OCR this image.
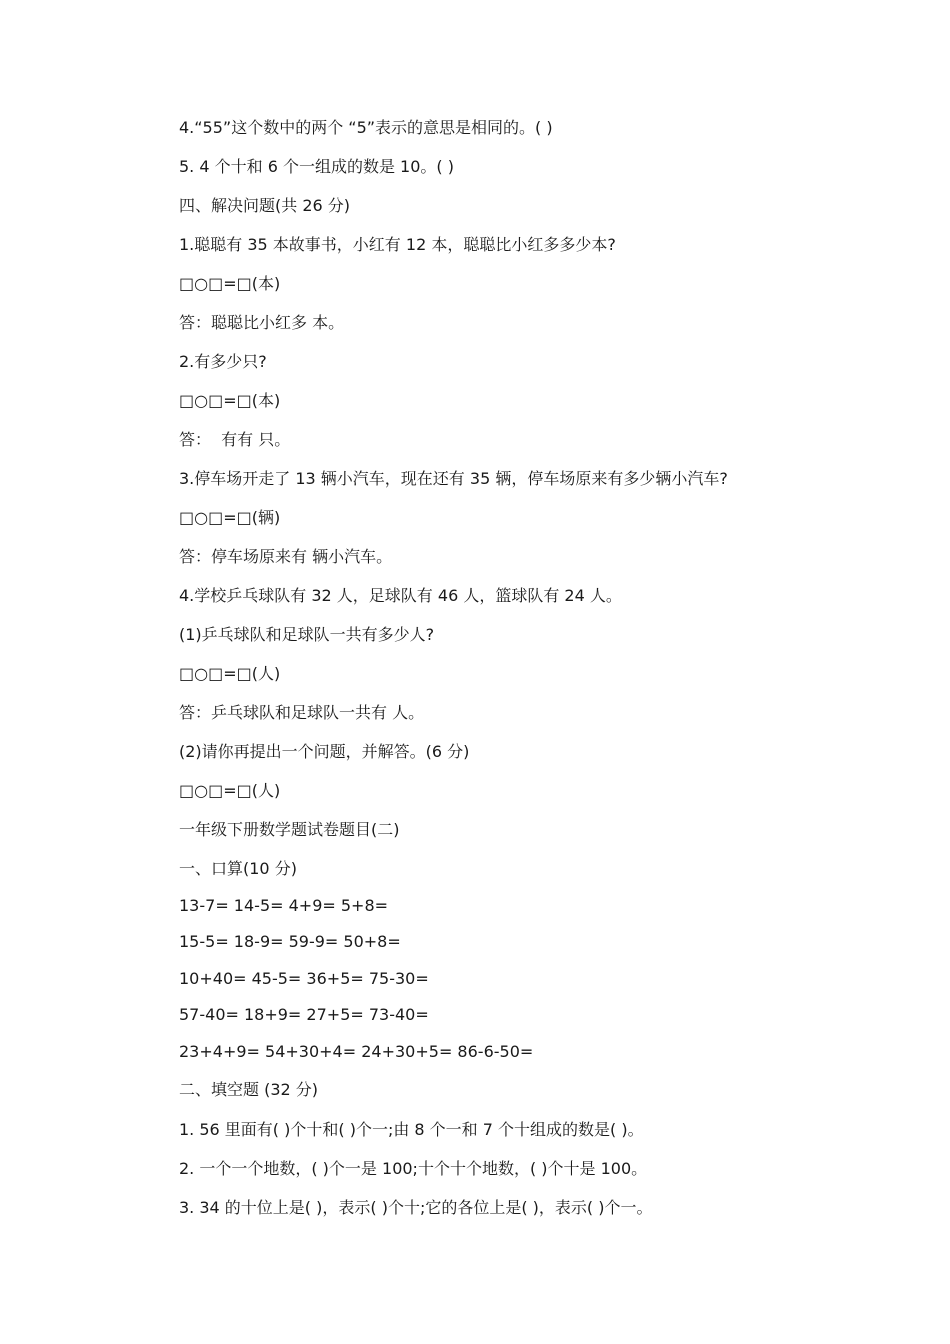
4.“55”这个数中的两个 “5”表示的意思是相同的。( )
5. 4 个十和 6 个一组成的数是 10。( )
四、解决问题(共 26 分)
1.聪聪有 35 本故事书，小红有 12 本，聪聪比小红多多少本?
□○□=□(本)
答：聪聪比小红多 本。
2.有多少只?
□○□=□(本)
答：  有有 只。
3.停车场开走了 13 辆小汽车，现在还有 35 辆，停车场原来有多少辆小汽车?
□○□=□(辆)
答：停车场原来有 辆小汽车。
4.学校乒乓球队有 32 人，足球队有 46 人，篮球队有 24 人。
(1)乒乓球队和足球队一共有多少人?
□○□=□(人)
答：乒乓球队和足球队一共有 人。
(2)请你再提出一个问题，并解答。(6 分)
□○□=□(人)
一年级下册数学题试卷题目(二)
一、口算(10 分)
13-7= 14-5= 4+9= 5+8=
15-5= 18-9= 59-9= 50+8=
10+40= 45-5= 36+5= 75-30=
57-40= 18+9= 27+5= 73-40=
23+4+9= 54+30+4= 24+30+5= 86-6-50=
二、填空题 (32 分)
1. 56 里面有( )个十和( )个一;由 8 个一和 7 个十组成的数是( )。
2. 一个一个地数，( )个一是 100;十个十个地数，( )个十是 100。
3. 34 的十位上是( )，表示( )个十;它的各位上是( )，表示( )个一。
